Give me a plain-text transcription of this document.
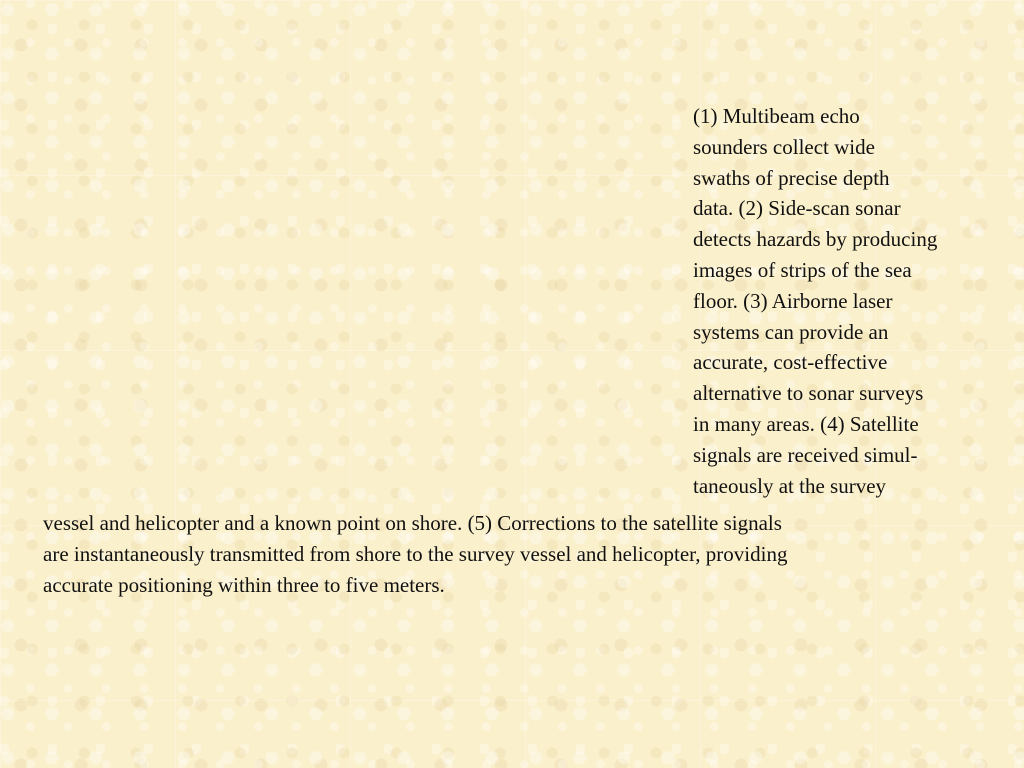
(1) Multibeam echo
sounders collect wide
swaths of precise depth
data. (2) Side-scan sonar
detects hazards by producing
images of strips of the sea
floor. (3) Airborne laser
systems can provide an
accurate, cost-effective
alternative to sonar surveys
in many areas. (4) Satellite
signals are received simul-
taneously at the survey

vessel and helicopter and a known point on shore. (5) Corrections to the satellite signals
are instantaneously transmitted from shore to the survey vessel and helicopter, providing
accurate positioning within three to five meters.
